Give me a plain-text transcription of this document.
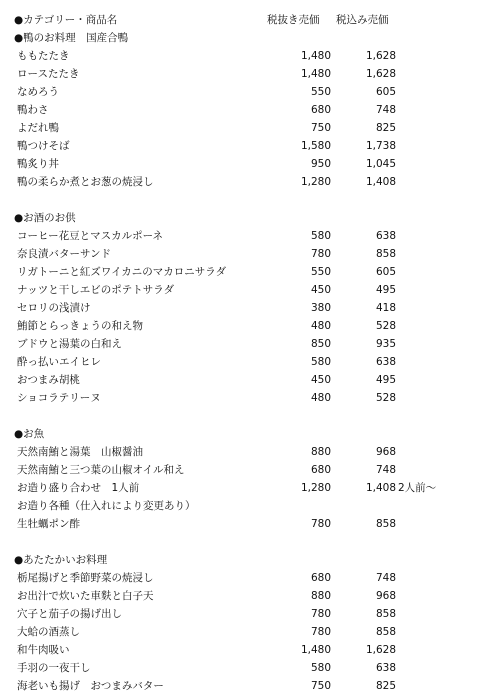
●カテゴリー・商品名	税抜き売価 税込み売価
●鴨のお料理　国産合鴨
ももたたき	1,480	1,628
ロースたたき	1,480	1,628
なめろう	550	605
鴨わさ	680	748
よだれ鴨	750	825
鴨つけそば	1,580	1,738
鴨炙り丼	950	1,045
鴨の柔らか煮とお葱の焼浸し	1,280	1,408
●お酒のお供
コーヒー花豆とマスカルポーネ	580	638
奈良漬バターサンド	780	858
リガトーニと紅ズワイカニのマカロニサラダ	550	605
ナッツと干しエビのポテトサラダ	450	495
セロリの浅漬け	380	418
鮪節とらっきょうの和え物	480	528
ブドウと湯葉の白和え	850	935
酔っ払いエイヒレ	580	638
おつまみ胡桃	450	495
ショコラテリーヌ	480	528
●お魚
天然南鮪と湯葉　山椒醤油	880	968
天然南鮪と三つ葉の山椒オイル和え	680	748
お造り盛り合わせ　1人前	1,280	1,408 2人前〜
お造り各種（仕入れにより変更あり）
生牡蠣ポン酢	780	858
●あたたかいお料理
栃尾揚げと季節野菜の焼浸し	680	748
お出汁で炊いた車麩と白子天	880	968
穴子と茄子の揚げ出し	780	858
大蛤の酒蒸し	780	858
和牛肉吸い	1,480	1,628
手羽の一夜干し	580	638
海老いも揚げ　おつまみバター	750	825
